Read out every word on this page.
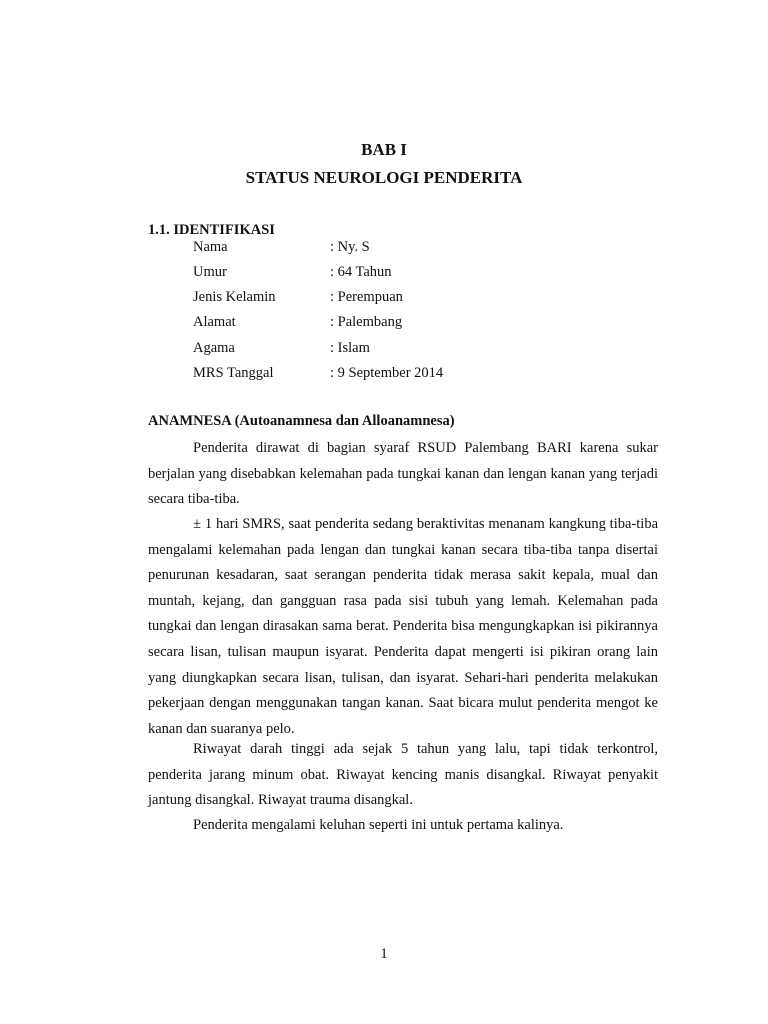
BAB I
STATUS NEUROLOGI PENDERITA
1.1. IDENTIFIKASI
Nama	: Ny. S
Umur	: 64 Tahun
Jenis Kelamin	: Perempuan
Alamat	: Palembang
Agama	: Islam
MRS Tanggal	: 9 September 2014
ANAMNESA (Autoanamnesa dan Alloanamnesa)

Penderita dirawat di bagian syaraf RSUD Palembang BARI karena sukar berjalan yang disebabkan kelemahan pada tungkai kanan dan lengan kanan yang terjadi secara tiba-tiba.

± 1 hari SMRS, saat penderita sedang beraktivitas menanam kangkung tiba-tiba mengalami kelemahan pada lengan dan tungkai kanan secara tiba-tiba tanpa disertai penurunan kesadaran, saat serangan penderita tidak merasa sakit kepala, mual dan muntah, kejang, dan gangguan rasa pada sisi tubuh yang lemah. Kelemahan pada tungkai dan lengan dirasakan sama berat. Penderita bisa mengungkapkan isi pikirannya secara lisan, tulisan maupun isyarat. Penderita dapat mengerti isi pikiran orang lain yang diungkapkan secara lisan, tulisan, dan isyarat. Sehari-hari penderita melakukan pekerjaan dengan menggunakan tangan kanan. Saat bicara mulut penderita mengot ke kanan dan suaranya pelo.

Riwayat darah tinggi ada sejak 5 tahun yang lalu, tapi tidak terkontrol, penderita jarang minum obat. Riwayat kencing manis disangkal. Riwayat penyakit jantung disangkal. Riwayat trauma disangkal.

Penderita mengalami keluhan seperti ini untuk pertama kalinya.

1
